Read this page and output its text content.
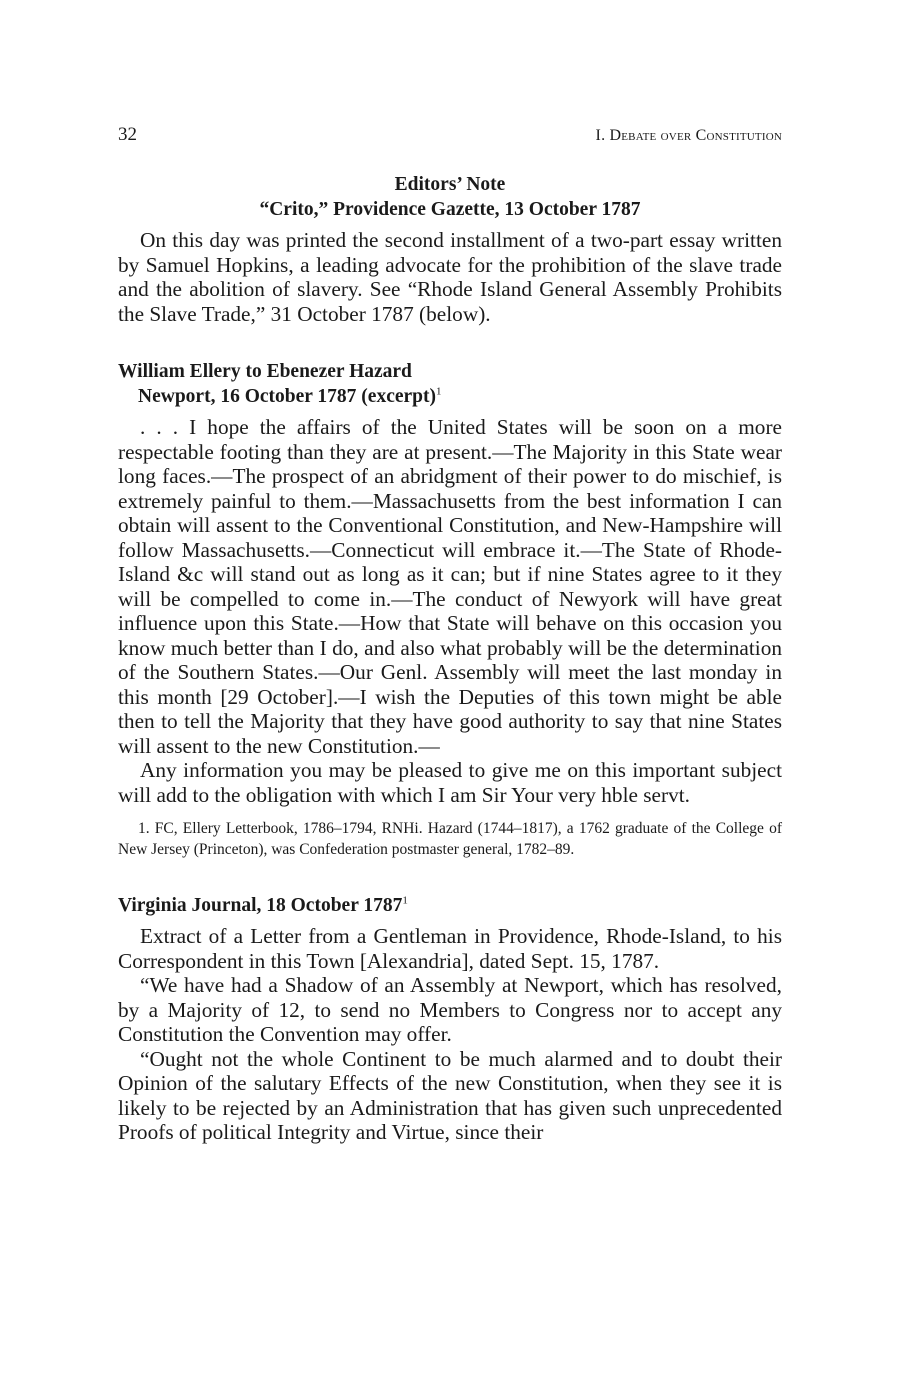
32	I. Debate over Constitution
Editors’ Note
“Crito,” Providence Gazette, 13 October 1787

On this day was printed the second installment of a two-part essay written by Samuel Hopkins, a leading advocate for the prohibition of the slave trade and the abolition of slavery. See “Rhode Island General Assembly Prohibits the Slave Trade,” 31 October 1787 (below).

William Ellery to Ebenezer Hazard

Newport, 16 October 1787 (excerpt)$^1$

. . . I hope the affairs of the United States will be soon on a more respectable footing than they are at present.—The Majority in this State wear long faces.—The prospect of an abridgment of their power to do mischief, is extremely painful to them.—Massachusetts from the best information I can obtain will assent to the Conventional Constitution, and New-Hampshire will follow Massachusetts.—Connecticut will embrace it.—The State of Rhode-Island &c will stand out as long as it can; but if nine States agree to it they will be compelled to come in.—The conduct of Newyork will have great influence upon this State.—How that State will behave on this occasion you know much better than I do, and also what probably will be the determination of the Southern States.—Our Genl. Assembly will meet the last monday in this month [29 October].—I wish the Deputies of this town might be able then to tell the Majority that they have good authority to say that nine States will assent to the new Constitution.—

Any information you may be pleased to give me on this important subject will add to the obligation with which I am Sir Your very hble servt.

1. FC, Ellery Letterbook, 1786–1794, RNHi. Hazard (1744–1817), a 1762 graduate of the College of New Jersey (Princeton), was Confederation postmaster general, 1782–89.

Virginia Journal, 18 October 1787$^1$

Extract of a Letter from a Gentleman in Providence, Rhode-Island, to his Correspondent in this Town [Alexandria], dated Sept. 15, 1787.

“We have had a Shadow of an Assembly at Newport, which has resolved, by a Majority of 12, to send no Members to Congress nor to accept any Constitution the Convention may offer.

“Ought not the whole Continent to be much alarmed and to doubt their Opinion of the salutary Effects of the new Constitution, when they see it is likely to be rejected by an Administration that has given such unprecedented Proofs of political Integrity and Virtue, since their
